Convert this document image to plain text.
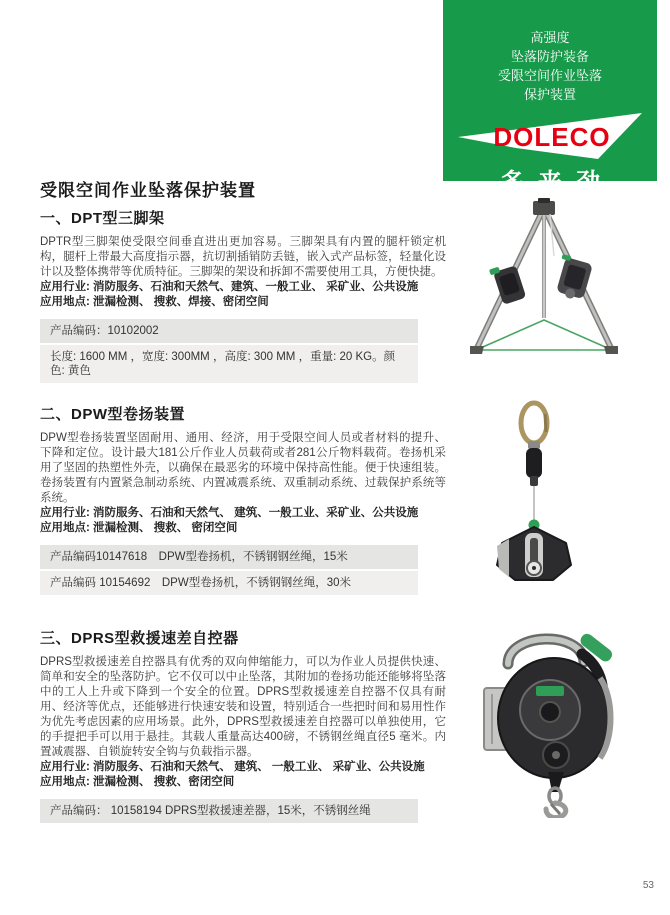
高强度
坠落防护装备
受限空间作业坠落
保护装置
DOLECO
多来劲
受限空间作业坠落保护装置
一、DPT型三脚架
DPTR型三脚架使受限空间垂直进出更加容易。三脚架具有内置的腿杆锁定机构，腿杆上带最大高度指示器，抗切割插销防丢链，嵌入式产品标签，轻量化设计以及整体携带等优质特征。三脚架的架设和拆卸不需要使用工具，方便快捷。
应用行业: 消防服务、石油和天然气、建筑、一般工业、 采矿业、公共设施
应用地点: 泄漏检测、 搜救、焊接、密闭空间
产品编码：10102002
长度: 1600 MM ，宽度: 300MM ，高度: 300 MM ，重量: 20 KG。颜色: 黄色
二、DPW型卷扬装置
DPW型卷扬装置坚固耐用、通用、经济，用于受限空间人员或者材料的提升、下降和定位。设计最大181公斤作业人员载荷或者281公斤物料载荷。卷扬机采用了坚固的热塑性外壳，以确保在最恶劣的环境中保持高性能。便于快速组装。卷扬装置有内置紧急制动系统、内置减震系统、双重制动系统、过载保护系统等系统。
应用行业: 消防服务、石油和天然气、 建筑、一般工业、采矿业、公共设施
应用地点: 泄漏检测、 搜救、 密闭空间
产品编码10147618　DPW型卷扬机，不锈钢钢丝绳，15米
产品编码 10154692　DPW型卷扬机，不锈钢钢丝绳，30米
三、DPRS型救援速差自控器
DPRS型救援速差自控器具有优秀的双向伸缩能力，可以为作业人员提供快速、简单和安全的坠落防护。它不仅可以中止坠落，其附加的卷扬功能还能够将坠落中的工人上升或下降到一个安全的位置。DPRS型救援速差自控器不仅具有耐用、经济等优点，还能够进行快速安装和设置，特别适合一些把时间和易用性作为优先考虑因素的应用场景。此外，DPRS型救援速差自控器可以单独使用，它的手提把手可以用于悬挂。其载人重量高达400磅，不锈钢丝绳直径5 毫米。内置减震器、自锁旋转安全钩与负载指示器。
应用行业: 消防服务、石油和天然气、 建筑、 一般工业、 采矿业、公共设施
应用地点: 泄漏检测、 搜救、密闭空间
产品编码： 10158194 DPRS型救援速差器，15米，不锈钢丝绳
53
